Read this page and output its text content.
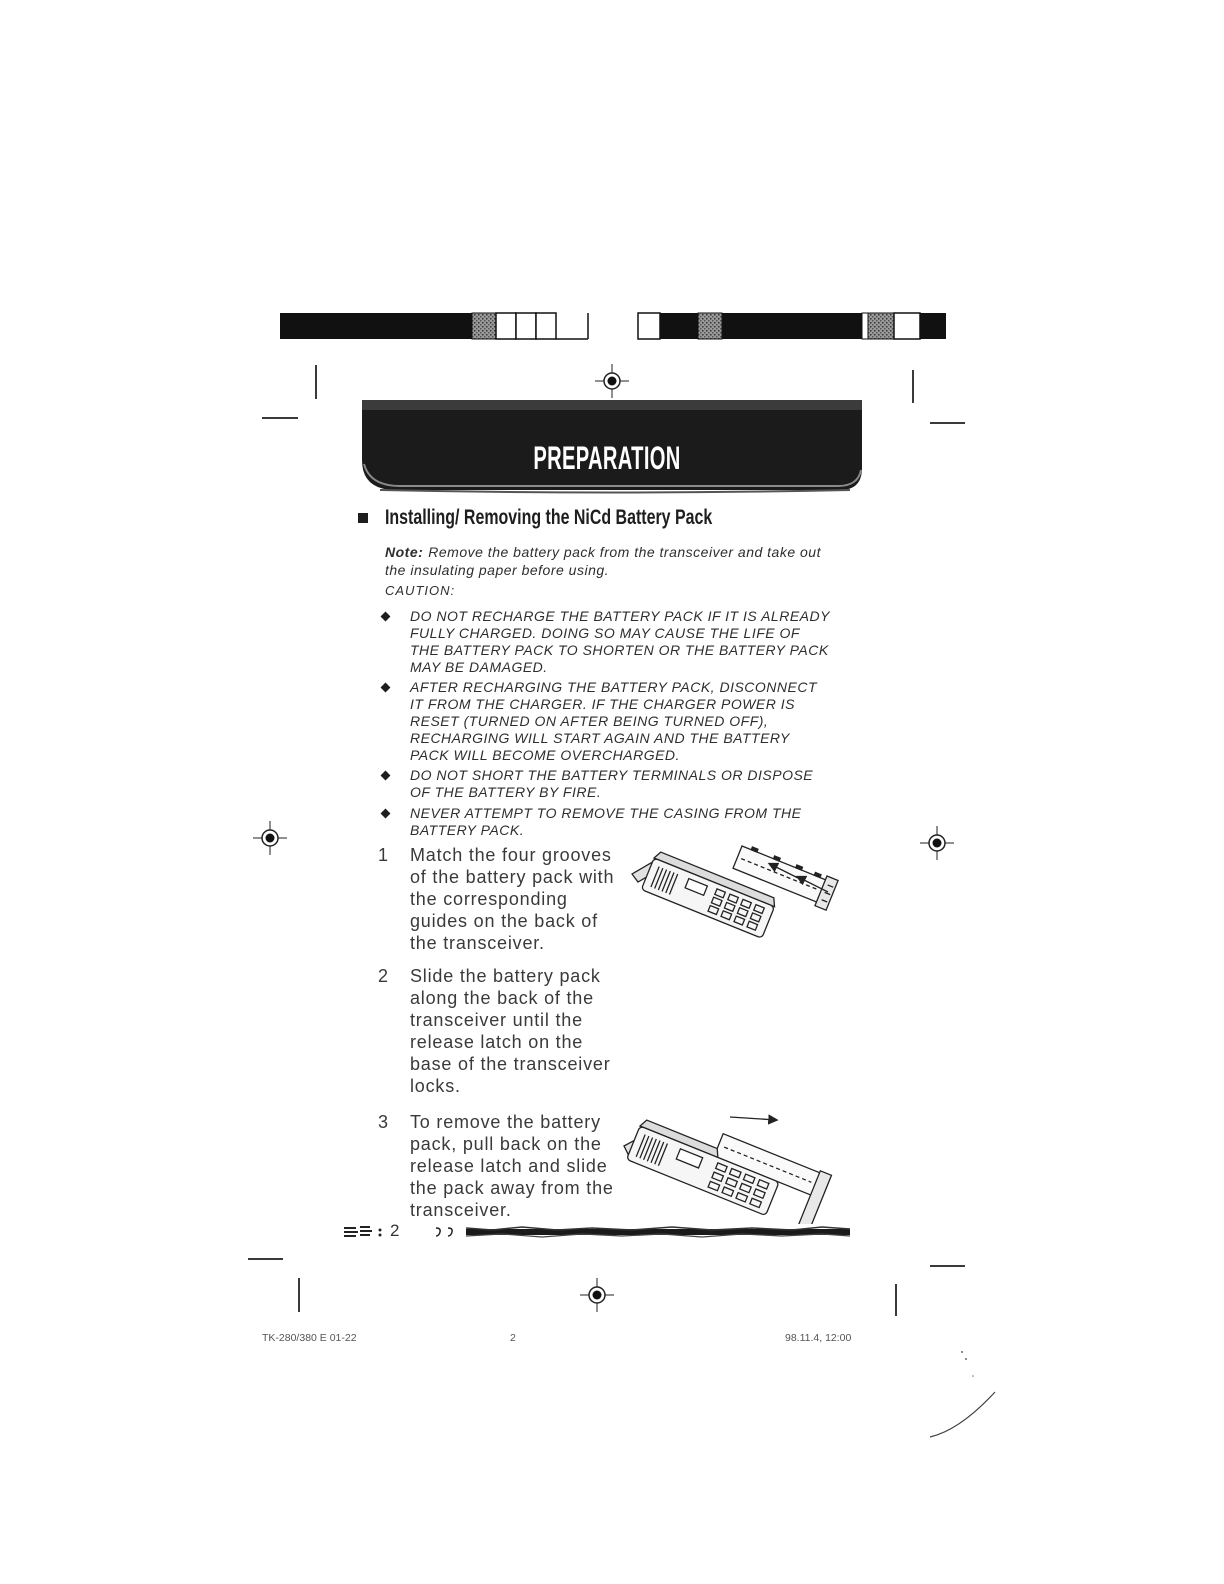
PREPARATION
Installing/ Removing the NiCd Battery Pack
Note: Remove the battery pack from the transceiver and take out
the insulating paper before using.
CAUTION:
DO NOT RECHARGE THE BATTERY PACK IF IT IS ALREADY
FULLY CHARGED. DOING SO MAY CAUSE THE LIFE OF
THE BATTERY PACK TO SHORTEN OR THE BATTERY PACK
MAY BE DAMAGED.
AFTER RECHARGING THE BATTERY PACK, DISCONNECT
IT FROM THE CHARGER. IF THE CHARGER POWER IS
RESET (TURNED ON AFTER BEING TURNED OFF),
RECHARGING WILL START AGAIN AND THE BATTERY
PACK WILL BECOME OVERCHARGED.
DO NOT SHORT THE BATTERY TERMINALS OR DISPOSE
OF THE BATTERY BY FIRE.
NEVER ATTEMPT TO REMOVE THE CASING FROM THE
BATTERY PACK.
1 Match the four grooves
of the battery pack with
the corresponding
guides on the back of
the transceiver.
2 Slide the battery pack
along the back of the
transceiver until the
release latch on the
base of the transceiver
locks.
3 To remove the battery
pack, pull back on the
release latch and slide
the pack away from the
transceiver.
2
TK-280/380 E 01-22	2	98.11.4, 12:00
